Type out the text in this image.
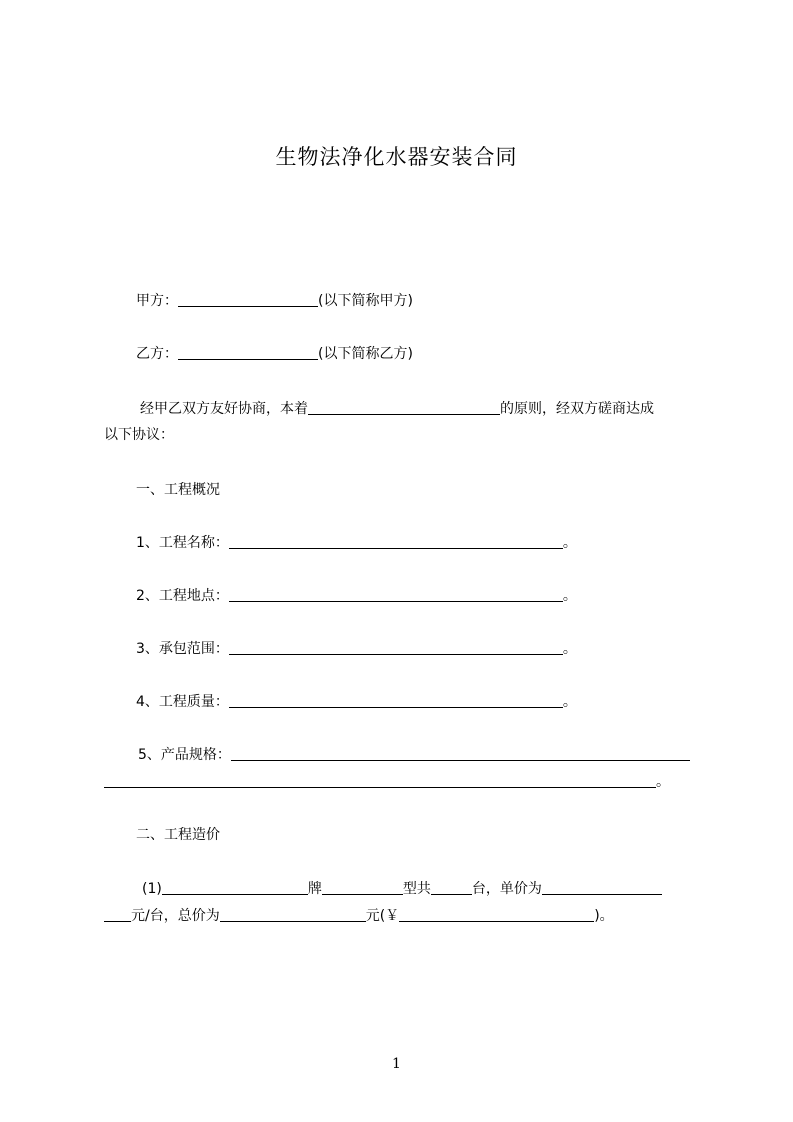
生物法净化水器安装合同
甲方：	(以下简称甲方)
乙方：	(以下简称乙方)
经甲乙双方友好协商，本着	的原则，经双方磋商达成
以下协议：
一、工程概况
1、工程名称：	。
2、工程地点：	。
3、承包范围：	。
4、工程质量：	。
5、产品规格：
。
二、工程造价
(1)	牌	型共	台，单价为
元/台，总价为	元(￥	)。
1
